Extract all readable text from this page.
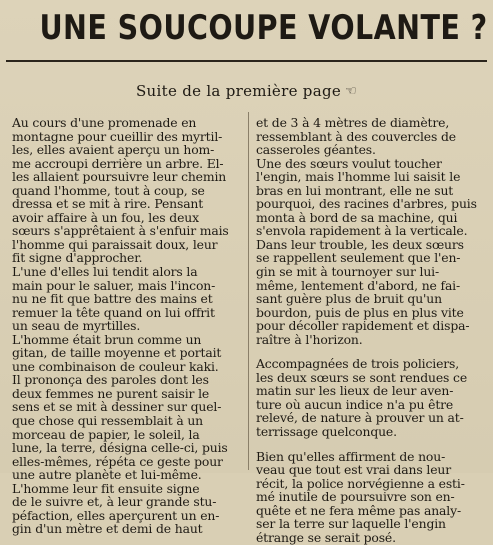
UNE SOUCOUPE VOLANTE ?
Suite de la première page ☜
Au cours d'une promenade en
montagne pour cueillir des myrtil-
les, elles avaient aperçu un hom-
me accroupi derrière un arbre. El-
les allaient poursuivre leur chemin
quand l'homme, tout à coup, se
dressa et se mit à rire. Pensant
avoir affaire à un fou, les deux
sœurs s'apprêtaient à s'enfuir mais
l'homme qui paraissait doux, leur
fit signe d'approcher.
L'une d'elles lui tendit alors la
main pour le saluer, mais l'incon-
nu ne fit que battre des mains et
remuer la tête quand on lui offrit
un seau de myrtilles.
L'homme était brun comme un
gitan, de taille moyenne et portait
une combinaison de couleur kaki.
Il prononça des paroles dont les
deux femmes ne purent saisir le
sens et se mit à dessiner sur quel-
que chose qui ressemblait à un
morceau de papier, le soleil, la
lune, la terre, désigna celle-ci, puis
elles-mêmes, répéta ce geste pour
une autre planète et lui-même.
L'homme leur fit ensuite signe
de le suivre et, à leur grande stu-
péfaction, elles aperçurent un en-
gin d'un mètre et demi de haut
et de 3 à 4 mètres de diamètre,
ressemblant à des couvercles de
casseroles géantes.
Une des sœurs voulut toucher
l'engin, mais l'homme lui saisit le
bras en lui montrant, elle ne sut
pourquoi, des racines d'arbres, puis
monta à bord de sa machine, qui
s'envola rapidement à la verticale.
Dans leur trouble, les deux sœurs
se rappellent seulement que l'en-
gin se mit à tournoyer sur lui-
même, lentement d'abord, ne fai-
sant guère plus de bruit qu'un
bourdon, puis de plus en plus vite
pour décoller rapidement et dispa-
raître à l'horizon.
Accompagnées de trois policiers,
les deux sœurs se sont rendues ce
matin sur les lieux de leur aven-
ture où aucun indice n'a pu être
relevé, de nature à prouver un at-
terrissage quelconque.
Bien qu'elles affirment de nou-
veau que tout est vrai dans leur
récit, la police norvégienne a esti-
mé inutile de poursuivre son en-
quête et ne fera même pas analy-
ser la terre sur laquelle l'engin
étrange se serait posé.
